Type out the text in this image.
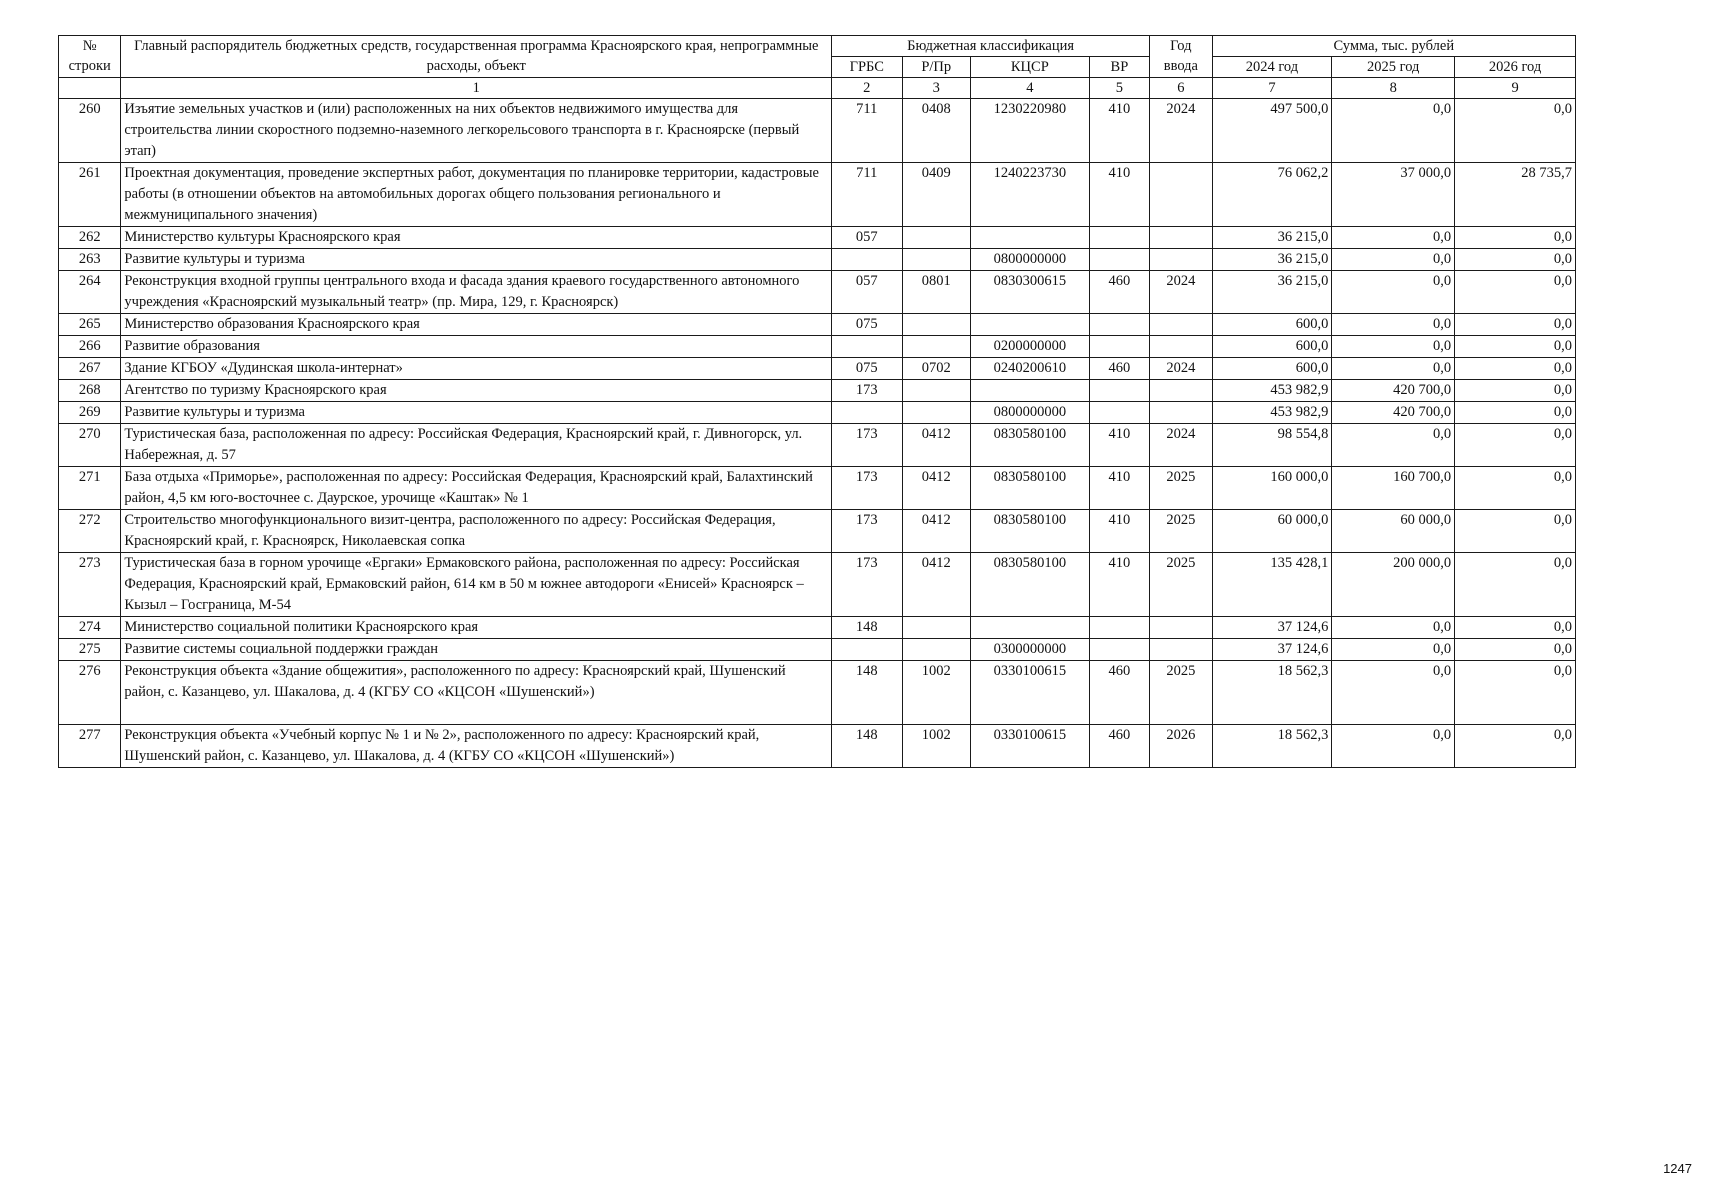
№ строки	Главный распорядитель бюджетных средств, государственная программа Красноярского края, непрограммные расходы, объект	Бюджетная классификация				Год ввода	Сумма, тыс. рублей		
		ГРБС	Р/Пр	КЦСР	ВР		2024 год	2025 год	2026 год
	1	2	3	4	5	6	7	8	9
260	Изъятие земельных участков и (или) расположенных на них объектов недвижимого имущества для строительства линии скоростного подземно-наземного легкорельсового транспорта в г. Красноярске (первый этап)	711	0408	1230220980	410	2024	497 500,0	0,0	0,0
261	Проектная документация, проведение экспертных работ, документация по планировке территории, кадастровые работы (в отношении объектов на автомобильных дорогах общего пользования регионального и межмуниципального значения)	711	0409	1240223730	410		76 062,2	37 000,0	28 735,7
262	Министерство культуры Красноярского края	057					36 215,0	0,0	0,0
263	Развитие культуры и туризма			0800000000			36 215,0	0,0	0,0
264	Реконструкция входной группы центрального входа и фасада здания краевого государственного автономного учреждения «Красноярский музыкальный театр» (пр. Мира, 129, г. Красноярск)	057	0801	0830300615	460	2024	36 215,0	0,0	0,0
265	Министерство образования Красноярского края	075					600,0	0,0	0,0
266	Развитие образования			0200000000			600,0	0,0	0,0
267	Здание КГБОУ «Дудинская школа-интернат»	075	0702	0240200610	460	2024	600,0	0,0	0,0
268	Агентство по туризму Красноярского края	173					453 982,9	420 700,0	0,0
269	Развитие культуры и туризма			0800000000			453 982,9	420 700,0	0,0
270	Туристическая база, расположенная по адресу: Российская Федерация, Красноярский край, г. Дивногорск, ул. Набережная, д. 57	173	0412	0830580100	410	2024	98 554,8	0,0	0,0
271	База отдыха «Приморье», расположенная по адресу: Российская Федерация, Красноярский край, Балахтинский район, 4,5 км юго-восточнее с. Даурское, урочище «Каштак» № 1	173	0412	0830580100	410	2025	160 000,0	160 700,0	0,0
272	Строительство многофункционального визит-центра, расположенного по адресу: Российская Федерация, Красноярский край, г. Красноярск, Николаевская сопка	173	0412	0830580100	410	2025	60 000,0	60 000,0	0,0
273	Туристическая база в горном урочище «Ергаки» Ермаковского района, расположенная по адресу: Российская Федерация, Красноярский край, Ермаковский район, 614 км в 50 м южнее автодороги «Енисей» Красноярск – Кызыл – Госграница, М-54	173	0412	0830580100	410	2025	135 428,1	200 000,0	0,0
274	Министерство социальной политики Красноярского края	148					37 124,6	0,0	0,0
275	Развитие системы социальной поддержки граждан			0300000000			37 124,6	0,0	0,0
276	Реконструкция объекта «Здание общежития», расположенного по адресу: Красноярский край, Шушенский район, с. Казанцево, ул. Шакалова, д. 4 (КГБУ СО «КЦСОН «Шушенский»)	148	1002	0330100615	460	2025	18 562,3	0,0	0,0
277	Реконструкция объекта «Учебный корпус № 1 и № 2», расположенного по адресу: Красноярский край, Шушенский район, с. Казанцево, ул. Шакалова, д. 4 (КГБУ СО «КЦСОН «Шушенский»)	148	1002	0330100615	460	2026	18 562,3	0,0	0,0
1247
